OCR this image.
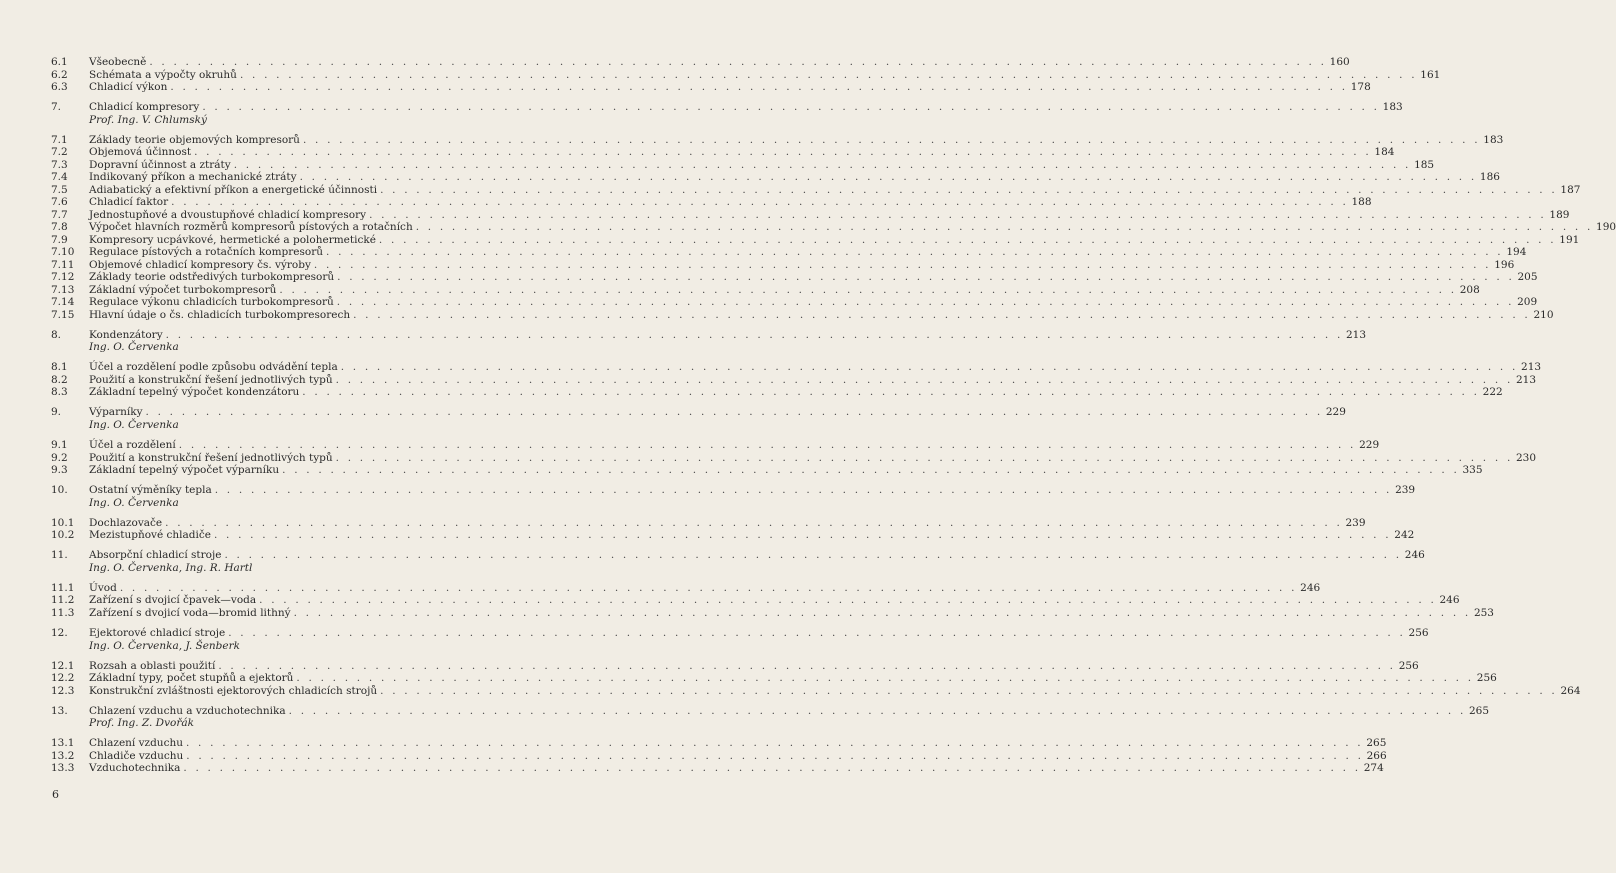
6.1	Všeobecně . . .	160
6.2	Schémata a výpočty okruhů . . .	161
6.3	Chladicí výkon . . .	178
7.	Chladicí kompresory . . .	183
Prof. Ing. V. Chlumský
7.1	Základy teorie objemových kompresorů . . .	183
7.2	Objemová účinnost . . .	184
7.3	Dopravní účinnost a ztráty . . .	185
7.4	Indikovaný příkon a mechanické ztráty . . .	186
7.5	Adiabatický a efektivní příkon a energetické účinnosti . . .	187
7.6	Chladicí faktor . . .	188
7.7	Jednostupňové a dvoustupňové chladicí kompresory . . .	189
7.8	Výpočet hlavních rozměrů kompresorů pístových a rotačních . . .	190
7.9	Kompresory ucpávkové, hermetické a polohermetické . . .	191
7.10	Regulace pístových a rotačních kompresorů . . .	194
7.11	Objemové chladicí kompresory čs. výroby . . .	196
7.12	Základy teorie odstředivých turbokompresorů . . .	205
7.13	Základní výpočet turbokompresorů . . .	208
7.14	Regulace výkonu chladicích turbokompresorů . . .	209
7.15	Hlavní údaje o čs. chladicích turbokompresorech . . .	210
8.	Kondenzátory . . .	213
Ing. O. Červenka
8.1	Účel a rozdělení podle způsobu odvádění tepla . . .	213
8.2	Použití a konstrukční řešení jednotlivých typů . . .	213
8.3	Základní tepelný výpočet kondenzátoru . . .	222
9.	Výparníky . . .	229
Ing. O. Červenka
9.1	Účel a rozdělení . . .	229
9.2	Použití a konstrukční řešení jednotlivých typů . . .	230
9.3	Základní tepelný výpočet výparníku . . .	335
10.	Ostatní výměníky tepla . . .	239
Ing. O. Červenka
10.1	Dochlazovače . . .	239
10.2	Mezistupňové chladiče . . .	242
11.	Absorpční chladicí stroje . . .	246
Ing. O. Červenka, Ing. R. Hartl
11.1	Úvod . . .	246
11.2	Zařízení s dvojicí čpavek—voda . . .	246
11.3	Zařízení s dvojicí voda—bromid lithný . . .	253
12.	Ejektorové chladicí stroje . . .	256
Ing. O. Červenka, J. Šenberk
12.1	Rozsah a oblasti použití . . .	256
12.2	Základní typy, počet stupňů a ejektorů . . .	256
12.3	Konstrukční zvláštnosti ejektorových chladicích strojů . . .	264
13.	Chlazení vzduchu a vzduchotechnika . . .	265
Prof. Ing. Z. Dvořák
13.1	Chlazení vzduchu . . .	265
13.2	Chladiče vzduchu . . .	266
13.3	Vzduchotechnika . . .	274
6
